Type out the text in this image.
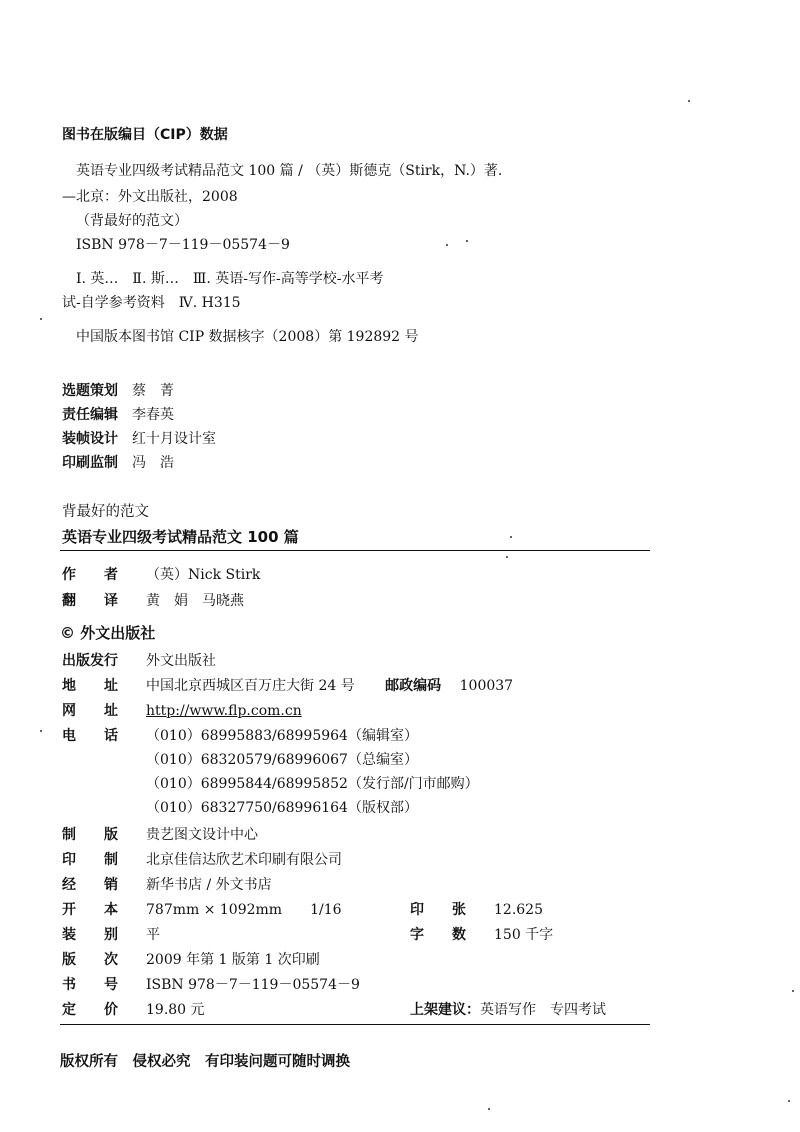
图书在版编目（CIP）数据
英语专业四级考试精品范文 100 篇 / （英）斯德克（Stirk，N.）著.
—北京：外文出版社，2008
（背最好的范文）
ISBN 978－7－119－05574－9
Ⅰ. 英…　Ⅱ. 斯…　Ⅲ. 英语-写作-高等学校-水平考
试-自学参考资料　Ⅳ. H315
中国版本图书馆 CIP 数据核字（2008）第 192892 号
选题策划 蔡　菁
责任编辑 李春英
装帧设计 红十月设计室
印刷监制 冯　浩
背最好的范文
英语专业四级考试精品范文 100 篇
作　　者 （英）Nick Stirk
翻　　译 黄　娟　马晓燕
© 外文出版社
出版发行 外文出版社
地　　址 中国北京西城区百万庄大街 24 号 邮政编码 100037
网　　址 http://www.flp.com.cn
电　　话 （010）68995883/68995964（编辑室）
（010）68320579/68996067（总编室）
（010）68995844/68995852（发行部/门市邮购）
（010）68327750/68996164（版权部）
制　　版 贵艺图文设计中心
印　　制 北京佳信达欣艺术印刷有限公司
经　　销 新华书店 / 外文书店
开　　本 787mm × 1092mm　　1/16	印　　张 12.625
装　　别 平	字　　数 150 千字
版　　次 2009 年第 1 版第 1 次印刷
书　　号 ISBN 978－7－119－05574－9
定　　价 19.80 元	上架建议：英语写作　专四考试
版权所有　侵权必究　有印装问题可随时调换
